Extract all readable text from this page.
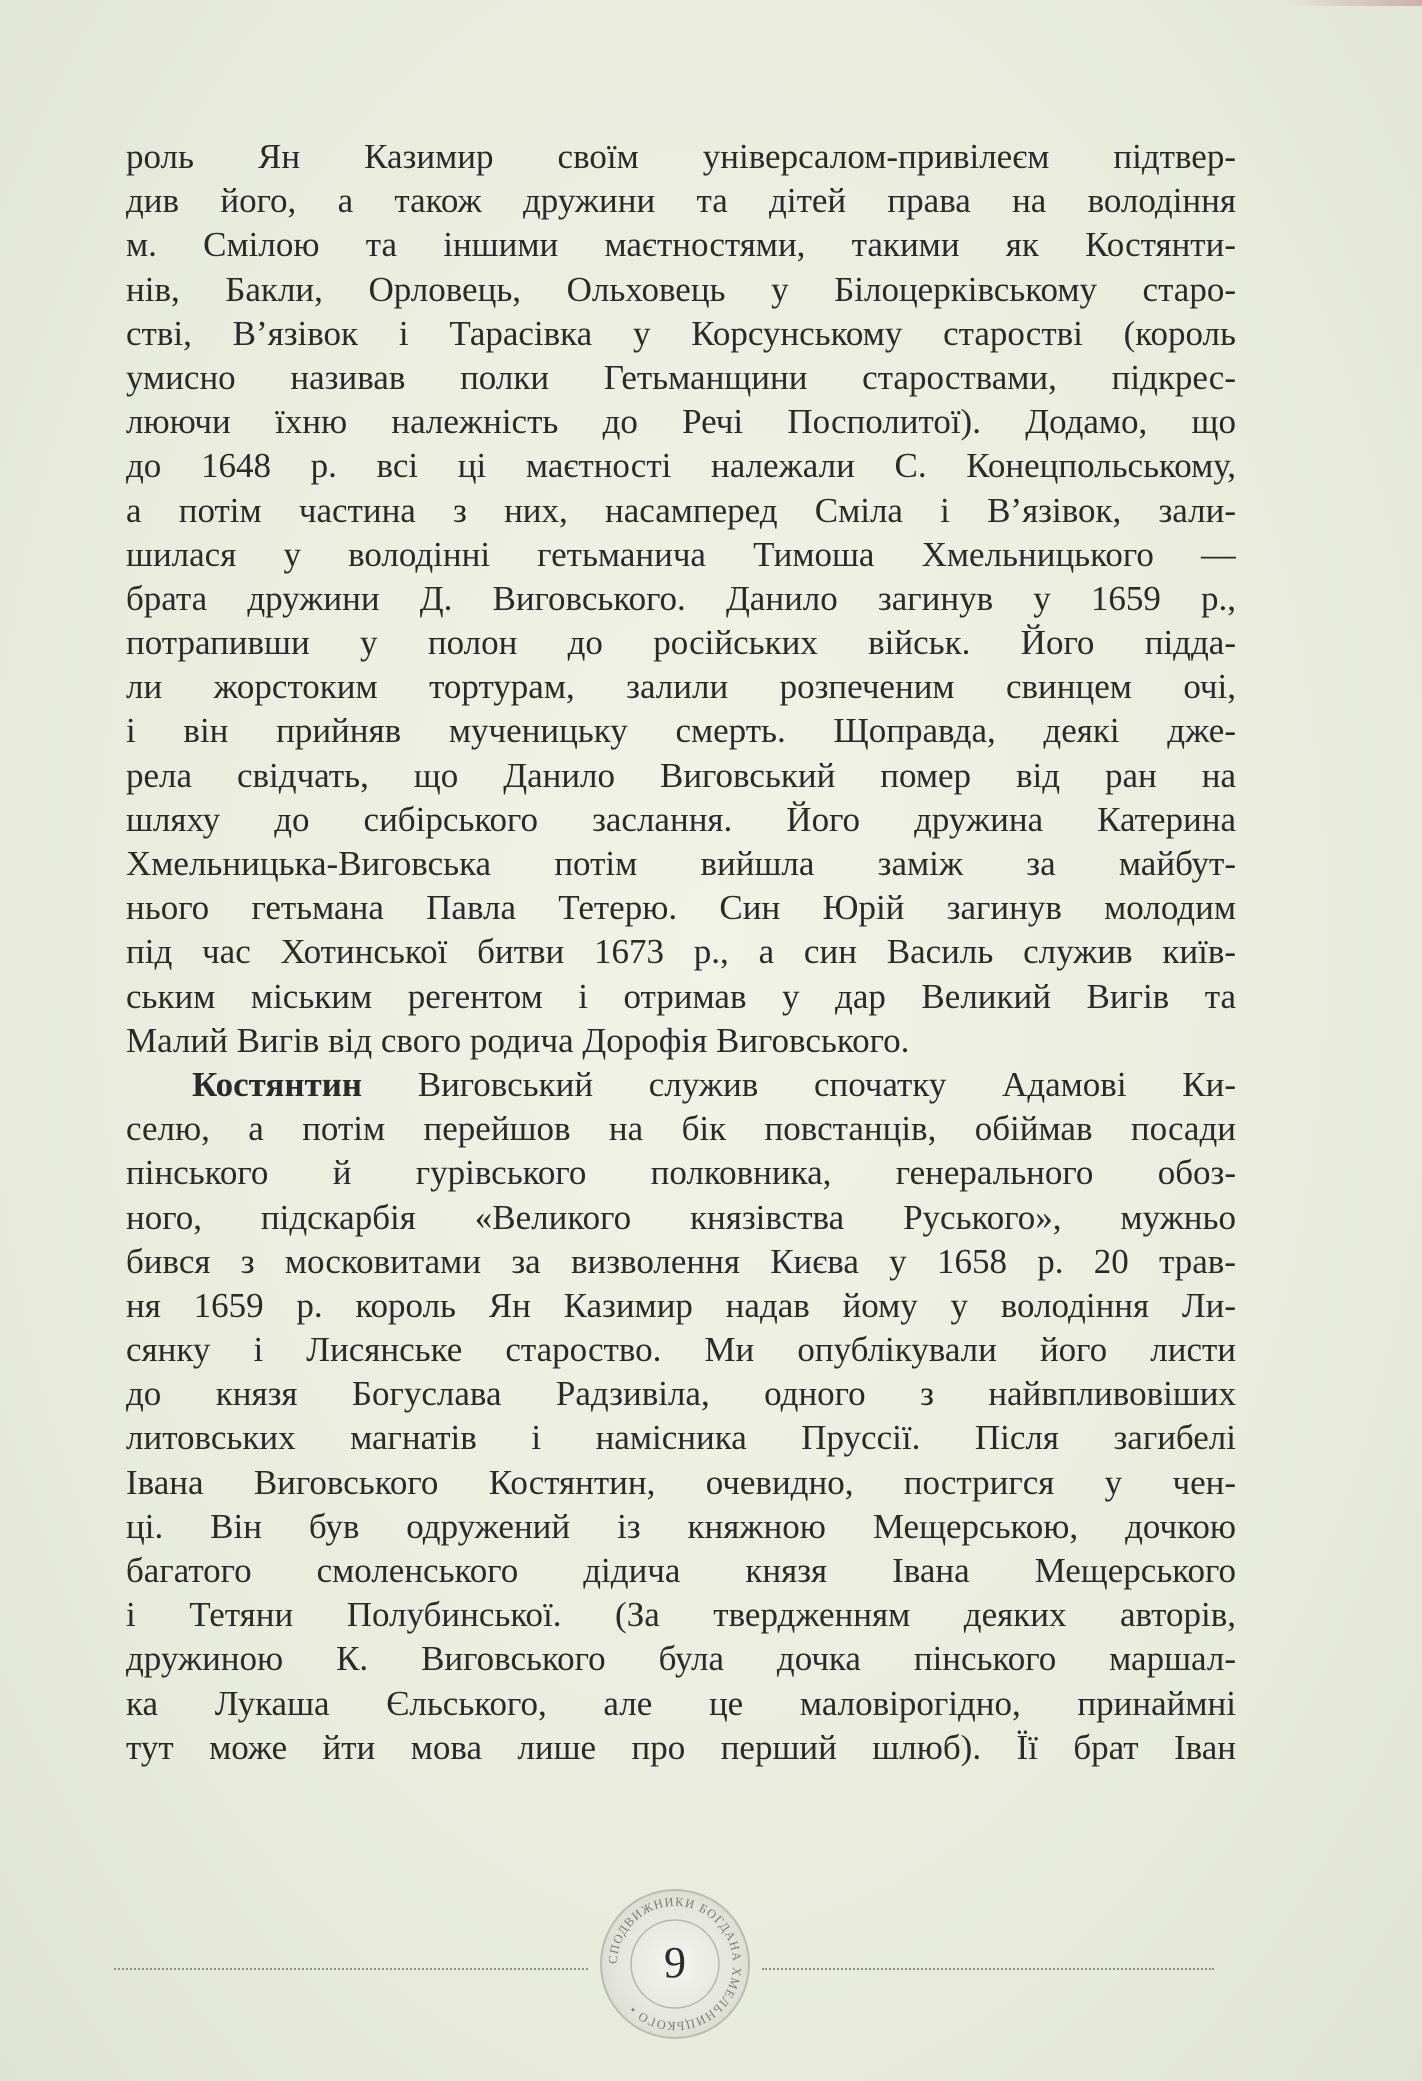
роль Ян Казимир своїм універсалом-привілеєм підтвер-
див його, а також дружини та дітей права на володіння
м. Смілою та іншими маєтностями, такими як Костянти-
нів, Бакли, Орловець, Ольховець у Білоцерківському старо-
стві, В’язівок і Тарасівка у Корсунському старостві (король
умисно називав полки Гетьманщини староствами, підкрес-
люючи їхню належність до Речі Посполитої). Додамо, що
до 1648 р. всі ці маєтності належали С. Конецпольському,
а потім частина з них, насамперед Сміла і В’язівок, зали-
шилася у володінні гетьманича Тимоша Хмельницького —
брата дружини Д. Виговського. Данило загинув у 1659 р.,
потрапивши у полон до російських військ. Його підда-
ли жорстоким тортурам, залили розпеченим свинцем очі,
і він прийняв мученицьку смерть. Щоправда, деякі дже-
рела свідчать, що Данило Виговський помер від ран на
шляху до сибірського заслання. Його дружина Катерина
Хмельницька-Виговська потім вийшла заміж за майбут-
нього гетьмана Павла Тетерю. Син Юрій загинув молодим
під час Хотинської битви 1673 р., а син Василь служив київ-
ським міським регентом і отримав у дар Великий Вигів та
Малий Вигів від свого родича Дорофія Виговського.
Костянтин Виговський служив спочатку Адамові Ки-
селю, а потім перейшов на бік повстанців, обіймав посади
пінського й гурівського полковника, генерального обоз-
ного, підскарбія «Великого князівства Руського», мужньо
бився з московитами за визволення Києва у 1658 р. 20 трав-
ня 1659 р. король Ян Казимир надав йому у володіння Ли-
сянку і Лисянське староство. Ми опублікували його листи
до князя Богуслава Радзивіла, одного з найвпливовіших
литовських магнатів і намісника Пруссії. Після загибелі
Івана Виговського Костянтин, очевидно, постригся у чен-
ці. Він був одружений із княжною Мещерською, дочкою
багатого смоленського дідича князя Івана Мещерського
і Тетяни Полубинської. (За твердженням деяких авторів,
дружиною К. Виговського була дочка пінського маршал-
ка Лукаша Єльського, але це маловірогідно, принаймні
тут може йти мова лише про перший шлюб). Її брат Іван
СПОДВИЖНИКИ БОГДАНА ХМЕЛЬНИЦЬКОГО •
9
